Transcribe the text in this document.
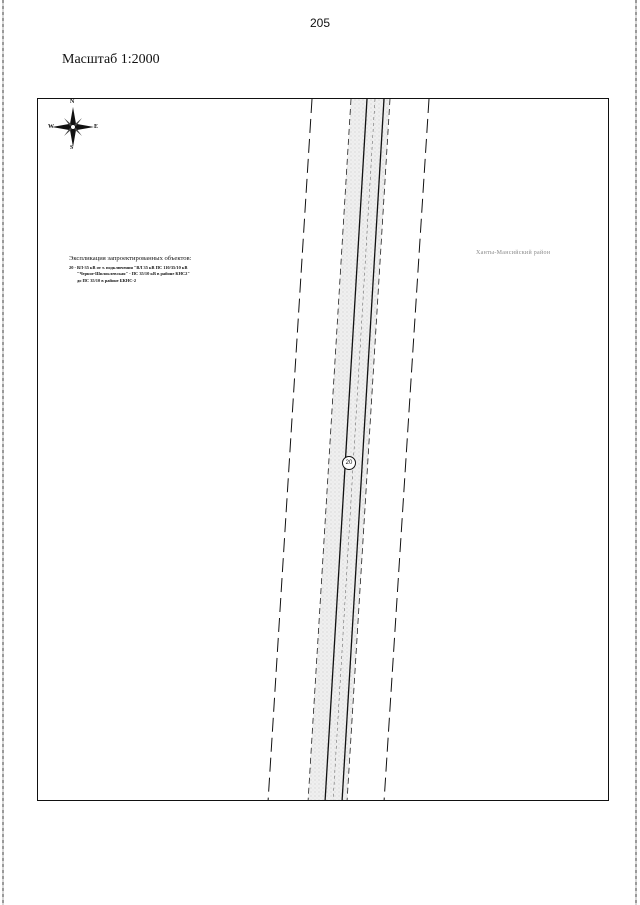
205
Масштаб 1:2000
N
S
W	E
Экспликация запроектированных объектов:
20 - ВЛ-35 кВ от т. подключения "ВЛ 35 кВ ПС 110/35/10 кВ
"Черное-Шилоклевская" - ПС 35/10 кВ в районе КНС2"
до ПС 35/10 в районе БКНС-2
Ханты-Мансийский район
20
